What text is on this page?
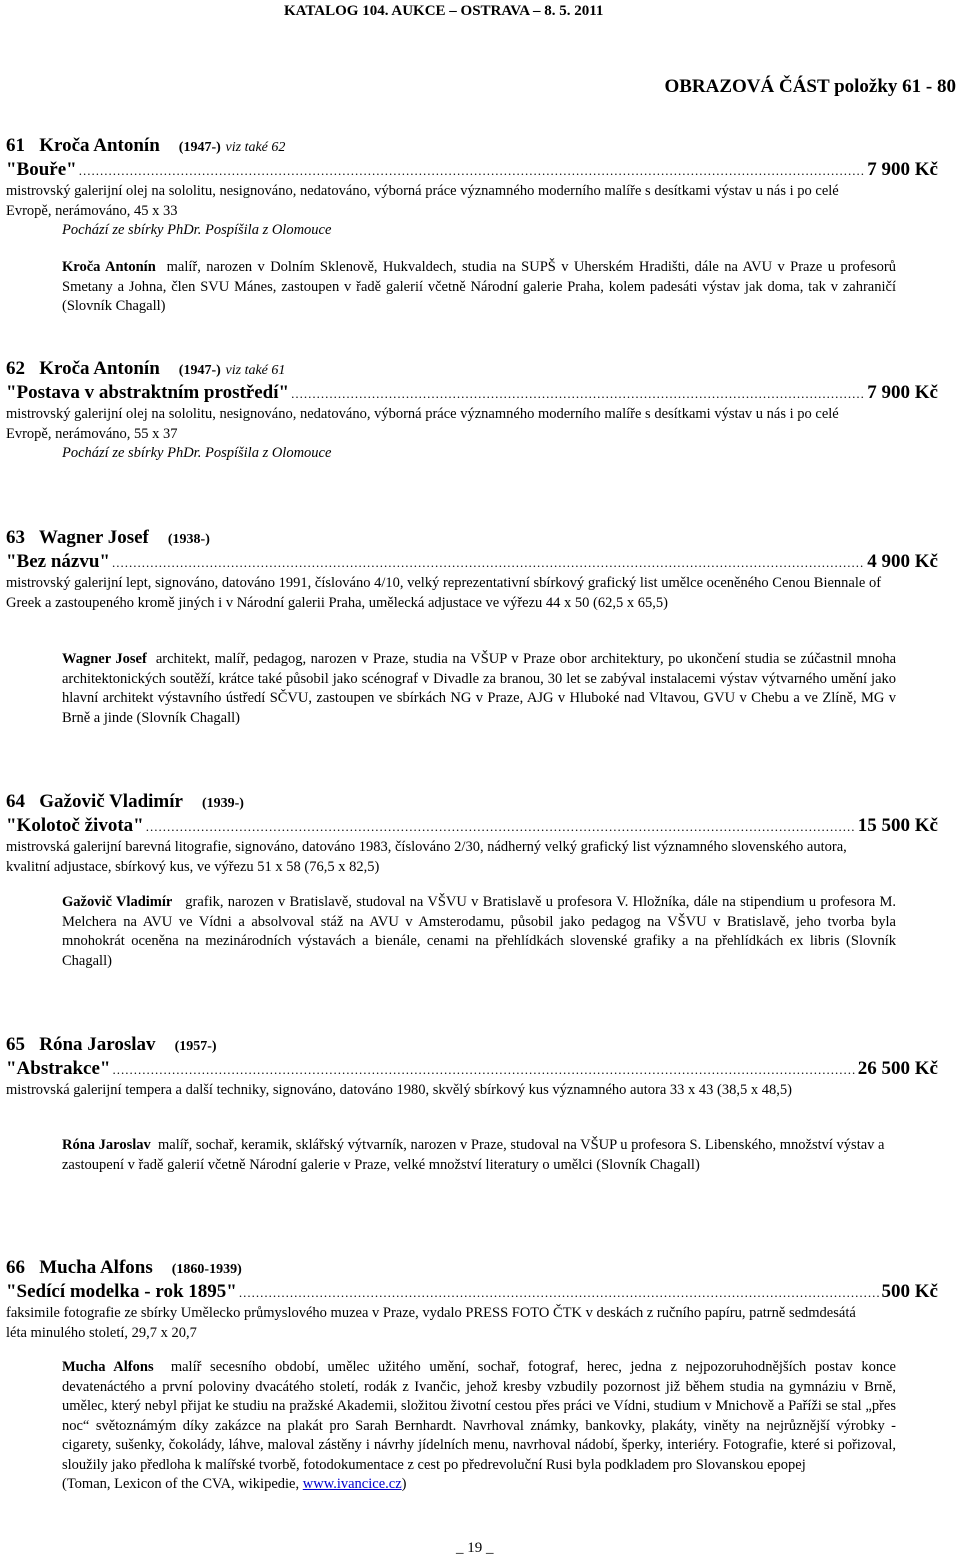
KATALOG 104. AUKCE – OSTRAVA – 8. 5. 2011
OBRAZOVÁ ČÁST položky 61 - 80
61 Kroča Antonín (1947-) viz také 62
"Bouře" .....	7 900 Kč
mistrovský galerijní olej na sololitu, nesignováno, nedatováno, výborná práce významného moderního malíře s desítkami výstav u nás i po celé Evropě, nerámováno, 45 x 33
Pochází ze sbírky PhDr. Pospíšila z Olomouce
Kroča Antonín malíř, narozen v Dolním Sklenově, Hukvaldech, studia na SUPŠ v Uherském Hradišti, dále na AVU v Praze u profesorů Smetany a Johna, člen SVU Mánes, zastoupen v řadě galerií včetně Národní galerie Praha, kolem padesáti výstav jak doma, tak v zahraničí (Slovník Chagall)
62 Kroča Antonín (1947-) viz také 61
"Postava v abstraktním prostředí" .....	7 900 Kč
mistrovský galerijní olej na sololitu, nesignováno, nedatováno, výborná práce významného moderního malíře s desítkami výstav u nás i po celé Evropě, nerámováno, 55 x 37
Pochází ze sbírky PhDr. Pospíšila z Olomouce
63 Wagner Josef (1938-)
"Bez názvu" .....	4 900 Kč
mistrovský galerijní lept, signováno, datováno 1991, číslováno 4/10, velký reprezentativní sbírkový grafický list umělce oceněného Cenou Biennale of Greek a zastoupeného kromě jiných i v Národní galerii Praha, umělecká adjustace ve výřezu 44 x 50 (62,5 x 65,5)
Wagner Josef architekt, malíř, pedagog, narozen v Praze, studia na VŠUP v Praze obor architektury, po ukončení studia se zúčastnil mnoha architektonických soutěží, krátce také působil jako scénograf v Divadle za branou, 30 let se zabýval instalacemi výstav výtvarného umění jako hlavní architekt výstavního ústředí SČVU, zastoupen ve sbírkách NG v Praze, AJG v Hluboké nad Vltavou, GVU v Chebu a ve Zlíně, MG v Brně a jinde (Slovník Chagall)
64 Gažovič Vladimír (1939-)
"Kolotoč života" .....	15 500 Kč
mistrovská galerijní barevná litografie, signováno, datováno 1983, číslováno 2/30, nádherný velký grafický list významného slovenského autora, kvalitní adjustace, sbírkový kus, ve výřezu 51 x 58 (76,5 x 82,5)
Gažovič Vladimír grafik, narozen v Bratislavě, studoval na VŠVU v Bratislavě u profesora V. Hložníka, dále na stipendium u profesora M. Melchera na AVU ve Vídni a absolvoval stáž na AVU v Amsterodamu, působil jako pedagog na VŠVU v Bratislavě, jeho tvorba byla mnohokrát oceněna na mezinárodních výstavách a bienále, cenami na přehlídkách slovenské grafiky a na přehlídkách ex libris (Slovník Chagall)
65 Róna Jaroslav (1957-)
"Abstrakce" .....	26 500 Kč
mistrovská galerijní tempera a další techniky, signováno, datováno 1980, skvělý sbírkový kus významného autora 33 x 43 (38,5 x 48,5)
Róna Jaroslav malíř, sochař, keramik, sklářský výtvarník, narozen v Praze, studoval na VŠUP u profesora S. Libenského, množství výstav a zastoupení v řadě galerií včetně Národní galerie v Praze, velké množství literatury o umělci (Slovník Chagall)
66 Mucha Alfons (1860-1939)
"Sedící modelka - rok 1895" .....	500 Kč
faksimile fotografie ze sbírky Umělecko průmyslového muzea v Praze, vydalo PRESS FOTO ČTK v deskách z ručního papíru, patrně sedmdesátá léta minulého století, 29,7 x 20,7
Mucha Alfons malíř secesního období, umělec užitého umění, sochař, fotograf, herec, jedna z nejpozoruhodnějších postav konce devatenáctého a první poloviny dvacátého století, rodák z Ivančic, jehož kresby vzbudily pozornost již během studia na gymnáziu v Brně, umělec, který nebyl přijat ke studiu na pražské Akademii, složitou životní cestou přes práci ve Vídni, studium v Mnichově a Paříži se stal „přes noc“ světoznámým díky zakázce na plakát pro Sarah Bernhardt. Navrhoval známky, bankovky, plakáty, viněty na nejrůznější výrobky - cigarety, sušenky, čokolády, láhve, maloval zástěny i návrhy jídelních menu, navrhoval nádobí, šperky, interiéry. Fotografie, které si pořizoval, sloužily jako předloha k malířské tvorbě, fotodokumentace z cest po předrevoluční Rusi byla podkladem pro Slovanskou epopej
(Toman, Lexicon of the CVA, wikipedie, www.ivancice.cz)
_ 19 _
